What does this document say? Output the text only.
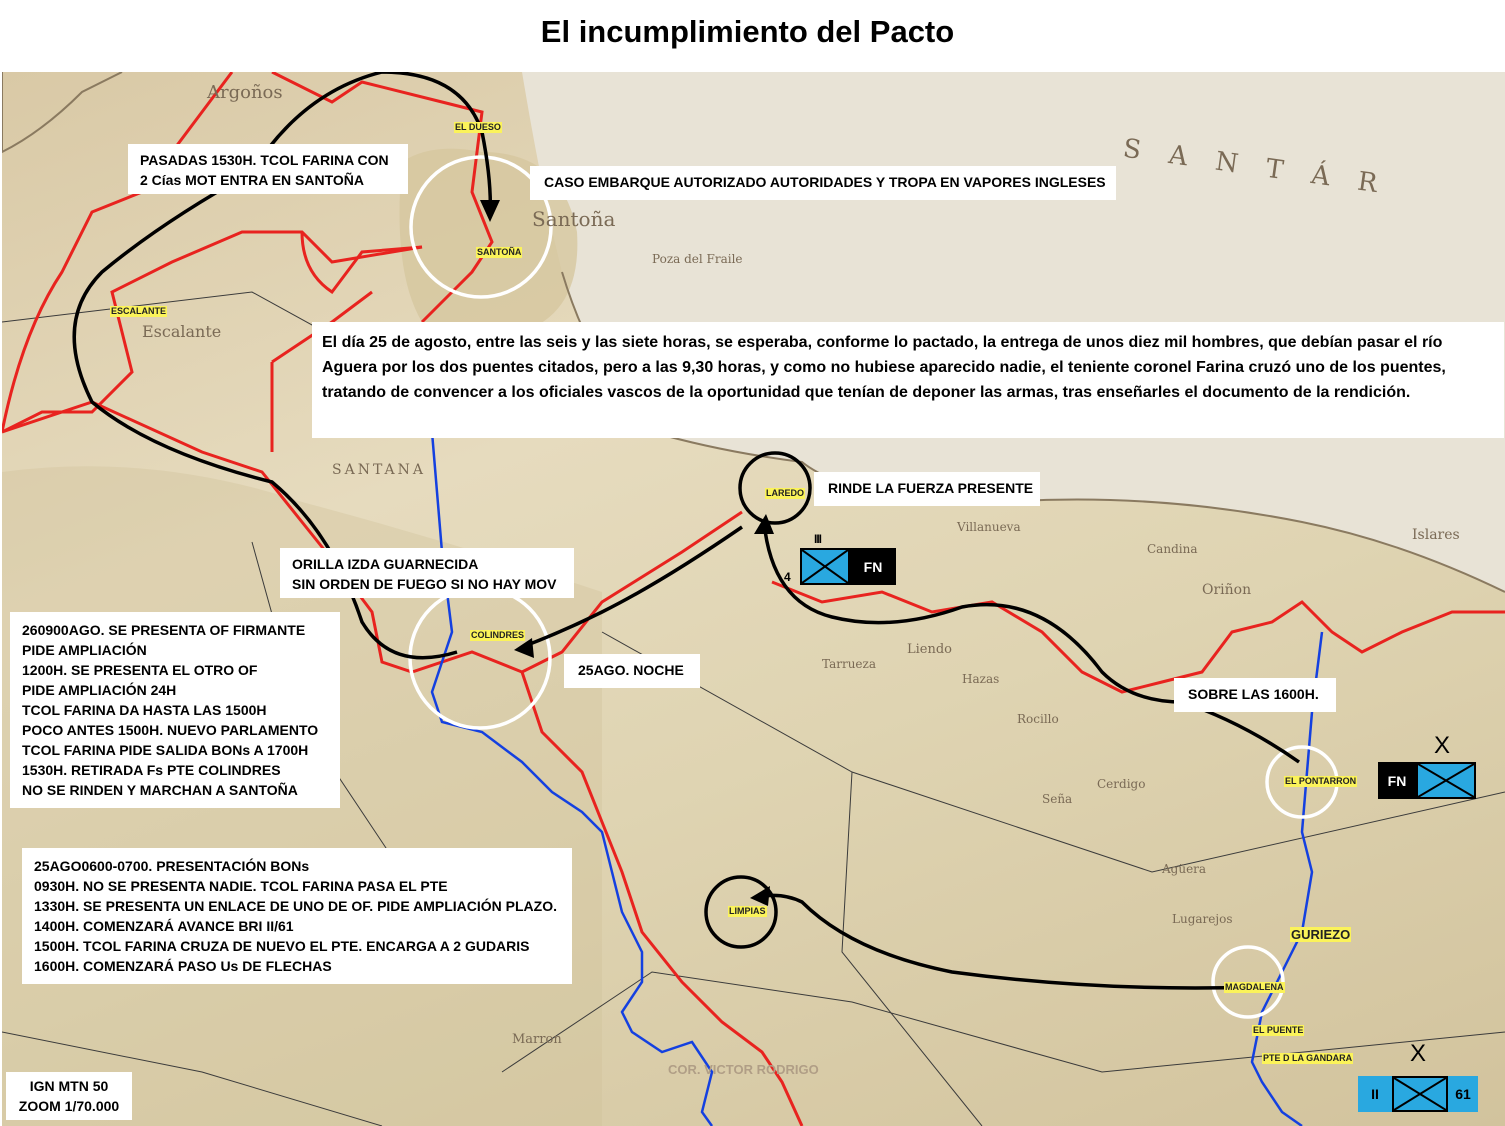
El incumplimiento del Pacto
S A N T Á R
Santoña
Argoños
Escalante
SANTANA
Poza del Fraile
Islares
Oriñon
Candina
Villanueva
Liendo
Tarrueza
Hazas
Rocillo
Seña
Cerdigo
Agüera
Marron
Lugarejos
EL DUESO
SANTOÑA
ESCALANTE
LAREDO
COLINDRES
EL PONTARRON
LIMPIAS
GURIEZO
MAGDALENA
EL PUENTE
PTE D LA GANDARA
PASADAS 1530H. TCOL FARINA CON
2 Cías MOT ENTRA EN SANTOÑA	CASO EMBARQUE AUTORIZADO AUTORIDADES Y TROPA EN VAPORES INGLESES
El día 25 de agosto, entre las seis y las siete horas, se esperaba, conforme lo pactado, la entrega de unos diez mil hombres, que debían pasar el río Aguera por los dos puentes citados, pero a las 9,30 horas, y como no hubiese aparecido nadie, el teniente coronel Farina cruzó uno de los puentes, tratando de convencer a los oficiales vascos de la oportunidad que tenían de deponer las armas, tras enseñarles el documento de la rendición.
RINDE LA FUERZA PRESENTE
ORILLA IZDA GUARNECIDA
SIN ORDEN DE FUEGO SI NO HAY MOV
25AGO. NOCHE
SOBRE LAS 1600H.
260900AGO. SE PRESENTA OF FIRMANTE
PIDE AMPLIACIÓN
1200H. SE PRESENTA EL OTRO OF
PIDE AMPLIACIÓN 24H
TCOL FARINA DA HASTA LAS 1500H
POCO ANTES 1500H. NUEVO PARLAMENTO
TCOL FARINA PIDE SALIDA BONs A 1700H
1530H. RETIRADA Fs PTE COLINDRES
NO SE RINDEN Y MARCHAN A SANTOÑA
25AGO0600-0700. PRESENTACIÓN BONs
0930H. NO SE PRESENTA NADIE. TCOL FARINA PASA EL PTE
1330H. SE PRESENTA UN ENLACE DE UNO DE OF. PIDE AMPLIACIÓN PLAZO.
1400H. COMENZARÁ AVANCE BRI II/61
1500H. TCOL FARINA CRUZA DE NUEVO EL PTE. ENCARGA A 2 GUDARIS
1600H. COMENZARÁ PASO Us DE FLECHAS
IGN MTN 50
ZOOM 1/70.000
COR. VICTOR RODRIGO
4
III
FN
X
FN
X
II	61
